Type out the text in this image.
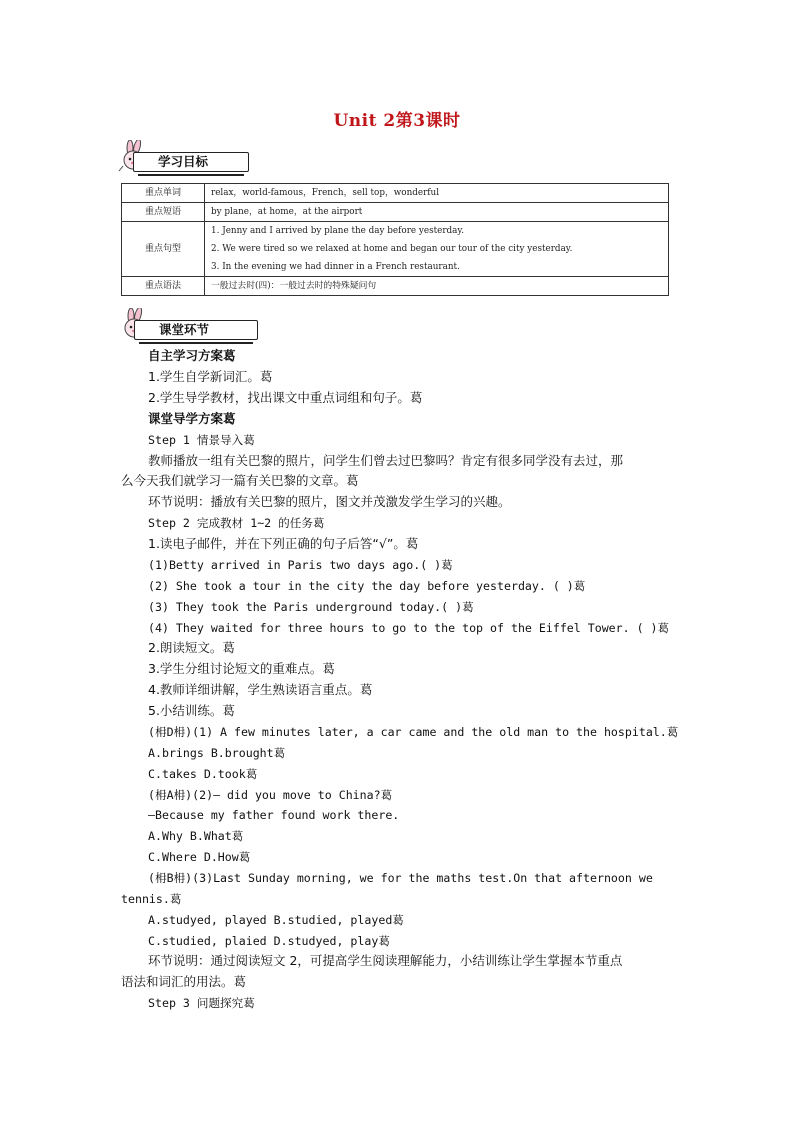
Unit 2第3课时
学习目标
重点单词	relax，world-famous，French，sell top，wonderful
重点短语	by plane，at home，at the airport
重点句型	1. Jenny and I arrived by plane the day before yesterday.
2. We were tired so we relaxed at home and began our tour of the city yesterday.
3. In the evening we had dinner in a French restaurant.

重点语法	一般过去时(四)：一般过去时的特殊疑问句
课堂环节
自主学习方案葛
1.学生自学新词汇。葛
2.学生导学教材，找出课文中重点词组和句子。葛
课堂导学方案葛
Step 1 情景导入葛
教师播放一组有关巴黎的照片，问学生们曾去过巴黎吗？肯定有很多同学没有去过，那
么今天我们就学习一篇有关巴黎的文章。葛
环节说明：播放有关巴黎的照片，图文并茂激发学生学习的兴趣。
Step 2 完成教材 1~2 的任务葛
1.读电子邮件，并在下列正确的句子后答“√”。葛
(1)Betty arrived in Paris two days ago.( )葛
(2) She took a tour in the city the day before yesterday. ( )葛
(3) They took the Paris underground today.( )葛
(4) They waited for three hours to go to the top of the Eiffel Tower. ( )葛
2.朗读短文。葛
3.学生分组讨论短文的重难点。葛
4.教师详细讲解，学生熟读语言重点。葛
5.小结训练。葛
(枏D枏)(1) A few minutes later, a car came and the old man to the hospital.葛
A.brings B.brought葛
C.takes D.took葛
(枏A枏)(2)— did you move to China?葛
—Because my father found work there.
A.Why B.What葛
C.Where D.How葛
(枏B枏)(3)Last Sunday morning, we for the maths test.On that afternoon we
tennis.葛
A.studyed, played B.studied, played葛
C.studied, plaied D.studyed, play葛
环节说明：通过阅读短文 2，可提高学生阅读理解能力，小结训练让学生掌握本节重点
语法和词汇的用法。葛
Step 3 问题探究葛
